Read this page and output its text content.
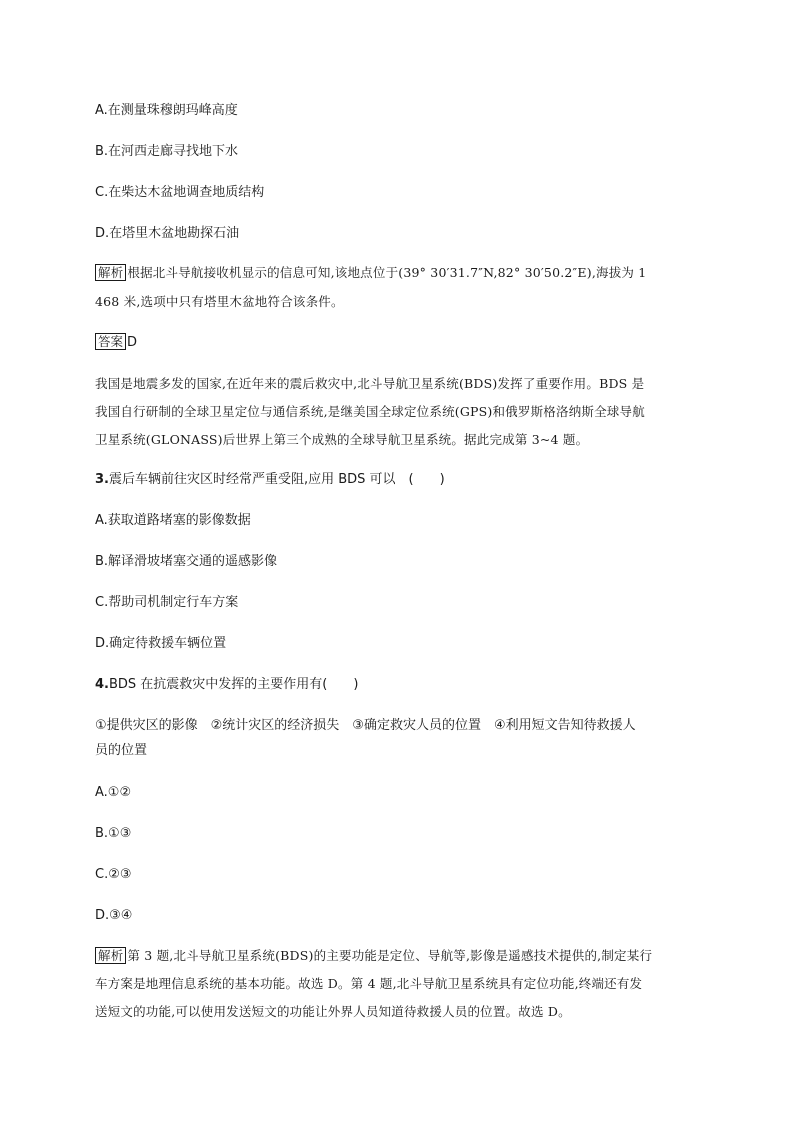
A.在测量珠穆朗玛峰高度
B.在河西走廊寻找地下水
C.在柴达木盆地调查地质结构
D.在塔里木盆地勘探石油
解析 根据北斗导航接收机显示的信息可知,该地点位于(39° 30′31.7″N,82° 30′50.2″E),海拔为 1
468 米,选项中只有塔里木盆地符合该条件。
答案 D
我国是地震多发的国家,在近年来的震后救灾中,北斗导航卫星系统(BDS)发挥了重要作用。BDS 是
我国自行研制的全球卫星定位与通信系统,是继美国全球定位系统(GPS)和俄罗斯格洛纳斯全球导航
卫星系统(GLONASS)后世界上第三个成熟的全球导航卫星系统。据此完成第 3~4 题。
3.震后车辆前往灾区时经常严重受阻,应用 BDS 可以　(　　)
A.获取道路堵塞的影像数据
B.解译滑坡堵塞交通的遥感影像
C.帮助司机制定行车方案
D.确定待救援车辆位置
4.BDS 在抗震救灾中发挥的主要作用有(　　)
①提供灾区的影像　②统计灾区的经济损失　③确定救灾人员的位置　④利用短文告知待救援人
员的位置
A.①②
B.①③
C.②③
D.③④
解析 第 3 题,北斗导航卫星系统(BDS)的主要功能是定位、导航等,影像是遥感技术提供的,制定某行
车方案是地理信息系统的基本功能。故选 D。第 4 题,北斗导航卫星系统具有定位功能,终端还有发
送短文的功能,可以使用发送短文的功能让外界人员知道待救援人员的位置。故选 D。
